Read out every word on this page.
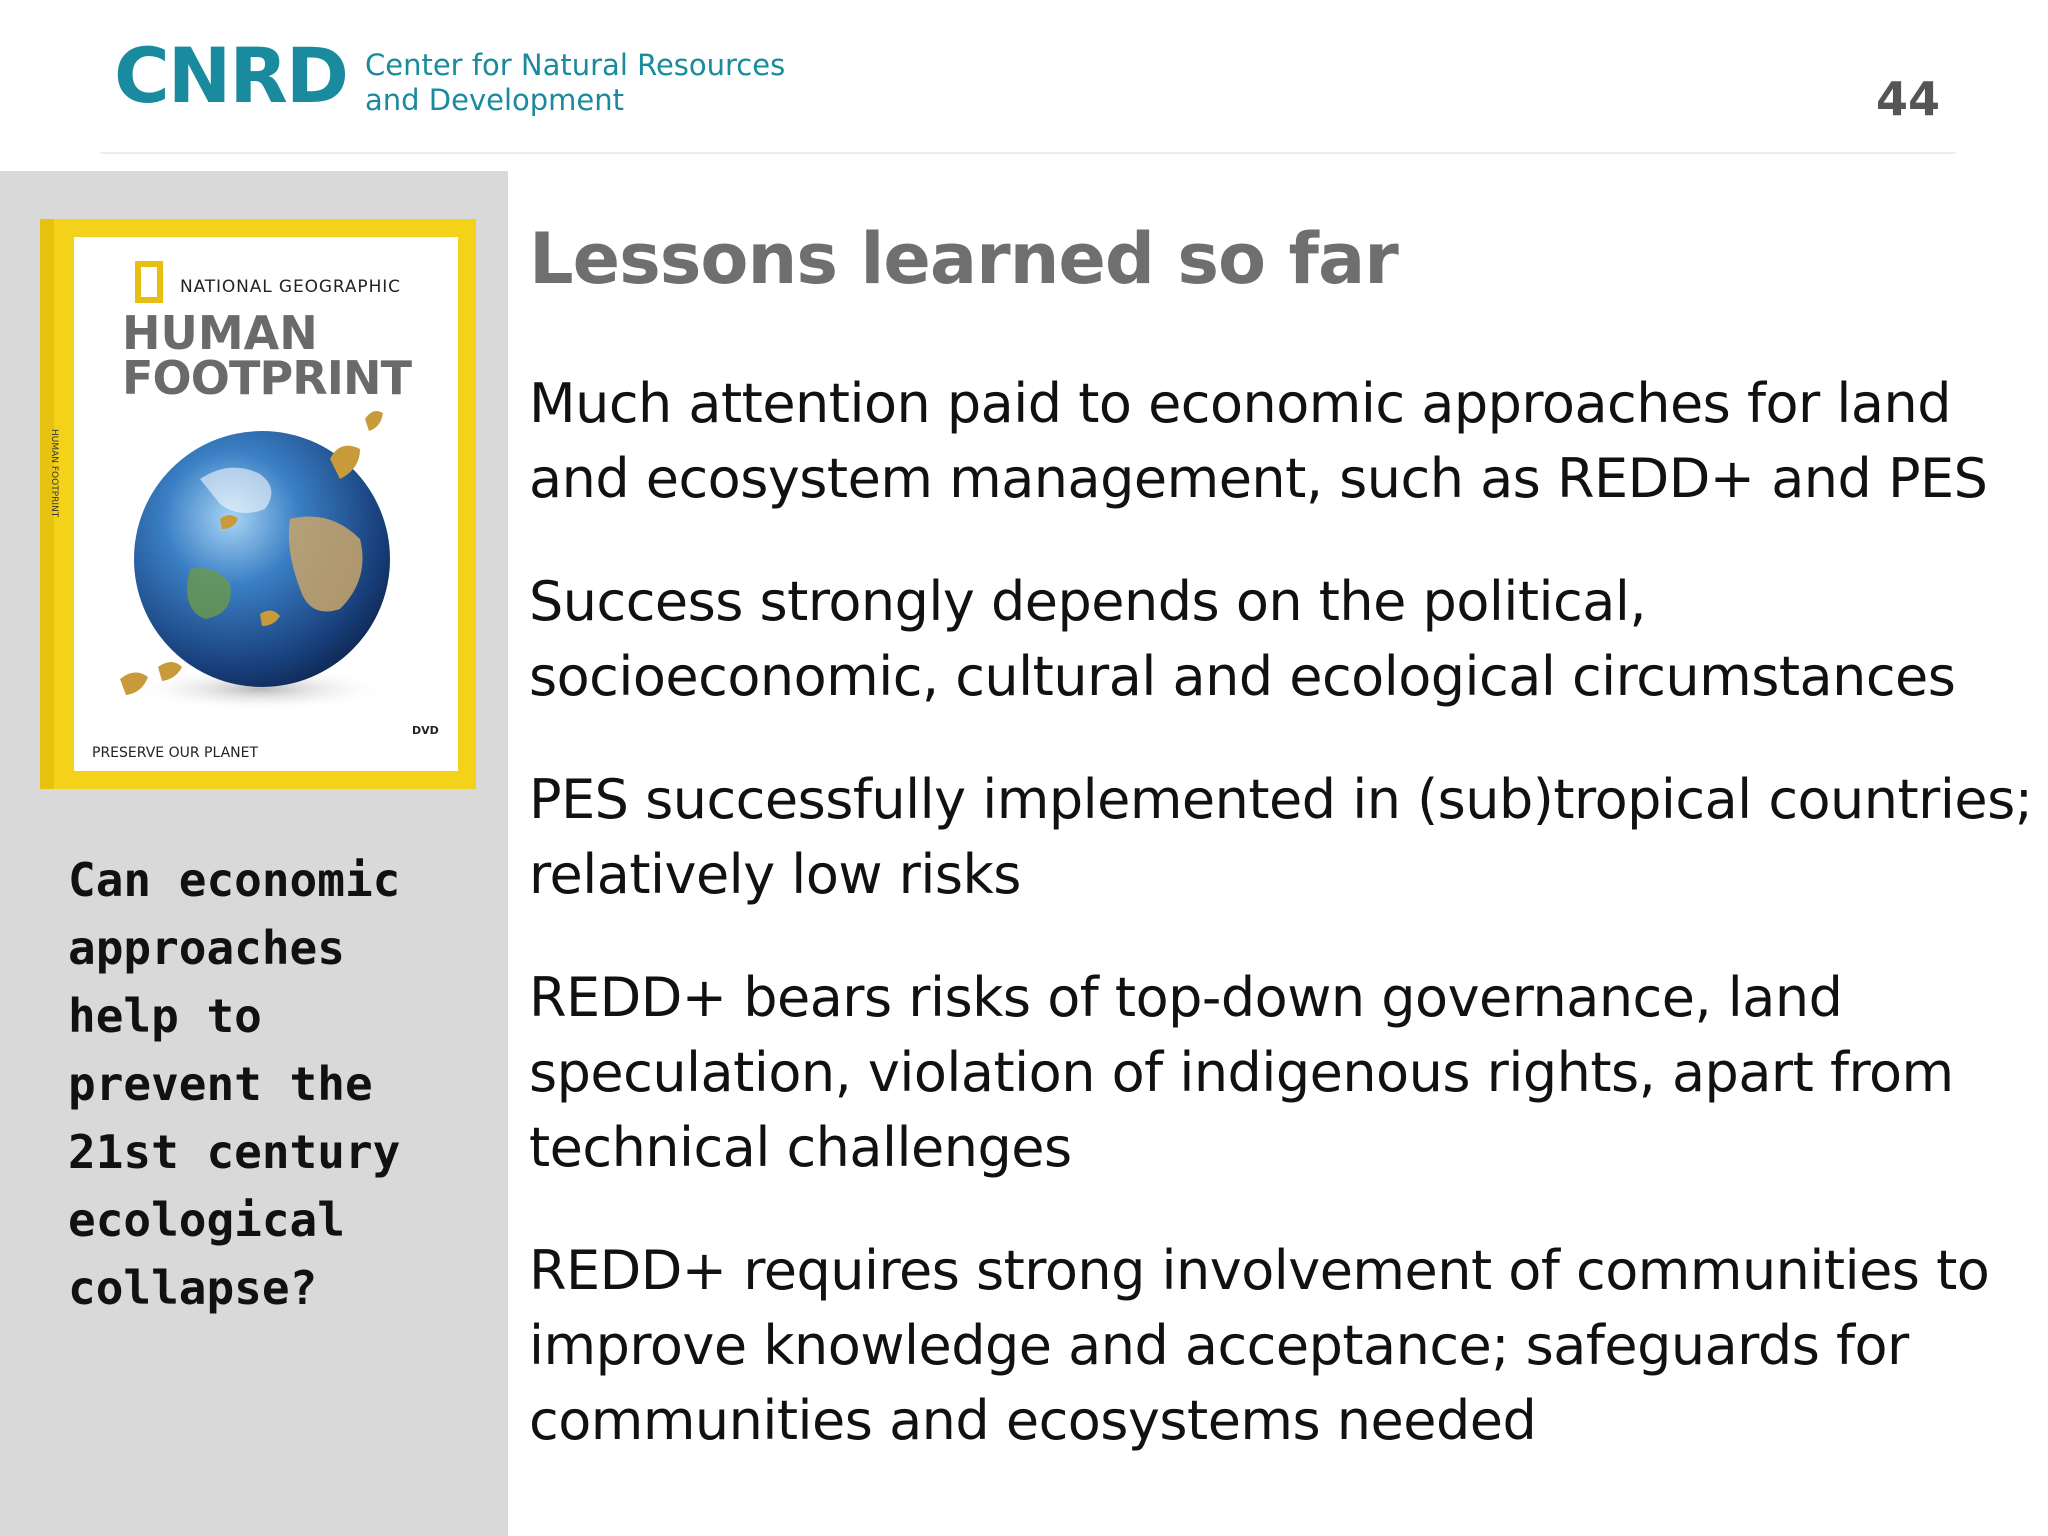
CNRD Center for Natural Resources
and Development	44
HUMAN FOOTPRINT
NATIONAL GEOGRAPHIC
HUMAN
FOOTPRINT
PRESERVE OUR PLANET
DVD
Can economic
approaches
help to
prevent the
21st century
ecological
collapse?
Lessons learned so far
Much attention paid to economic approaches for land
and ecosystem management, such as REDD+ and PES
Success strongly depends on the political,
socioeconomic, cultural and ecological circumstances
PES successfully implemented in (sub)tropical countries;
relatively low risks
REDD+ bears risks of top-down governance, land
speculation, violation of indigenous rights, apart from
technical challenges
REDD+ requires strong involvement of communities to
improve knowledge and acceptance; safeguards for
communities and ecosystems needed
